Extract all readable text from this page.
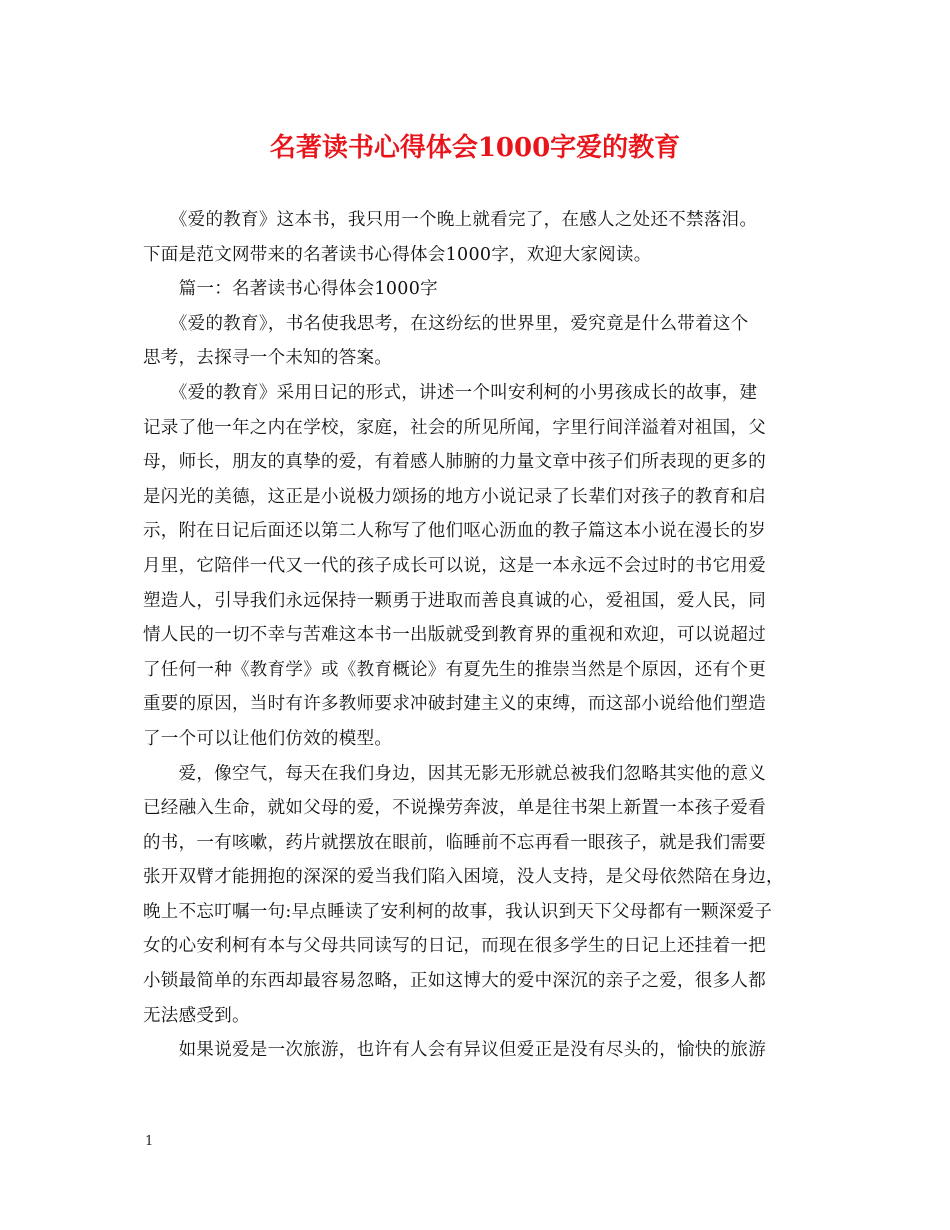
名著读书心得体会1000字爱的教育
　　《爱的教育》这本书，我只用一个晚上就看完了，在感人之处还不禁落泪。
下面是范文网带来的名著读书心得体会1000字，欢迎大家阅读。
　　篇一：名著读书心得体会1000字
　　《爱的教育》，书名使我思考，在这纷纭的世界里，爱究竟是什么带着这个
思考，去探寻一个未知的答案。
　　《爱的教育》采用日记的形式，讲述一个叫安利柯的小男孩成长的故事，建
记录了他一年之内在学校，家庭，社会的所见所闻，字里行间洋溢着对祖国，父
母，师长，朋友的真挚的爱，有着感人肺腑的力量文章中孩子们所表现的更多的
是闪光的美德，这正是小说极力颂扬的地方小说记录了长辈们对孩子的教育和启
示，附在日记后面还以第二人称写了他们呕心沥血的教子篇这本小说在漫长的岁
月里，它陪伴一代又一代的孩子成长可以说，这是一本永远不会过时的书它用爱
塑造人，引导我们永远保持一颗勇于进取而善良真诚的心，爱祖国，爱人民，同
情人民的一切不幸与苦难这本书一出版就受到教育界的重视和欢迎，可以说超过
了任何一种《教育学》或《教育概论》有夏先生的推崇当然是个原因，还有个更
重要的原因，当时有许多教师要求冲破封建主义的束缚，而这部小说给他们塑造
了一个可以让他们仿效的模型。
　　爱，像空气，每天在我们身边，因其无影无形就总被我们忽略其实他的意义
已经融入生命，就如父母的爱，不说操劳奔波，单是往书架上新置一本孩子爱看
的书，一有咳嗽，药片就摆放在眼前，临睡前不忘再看一眼孩子，就是我们需要
张开双臂才能拥抱的深深的爱当我们陷入困境，没人支持，是父母依然陪在身边，
晚上不忘叮嘱一句:早点睡读了安利柯的故事，我认识到天下父母都有一颗深爱子
女的心安利柯有本与父母共同读写的日记，而现在很多学生的日记上还挂着一把
小锁最简单的东西却最容易忽略，正如这博大的爱中深沉的亲子之爱，很多人都
无法感受到。
　　如果说爱是一次旅游，也许有人会有异议但爱正是没有尽头的，愉快的旅游
1
